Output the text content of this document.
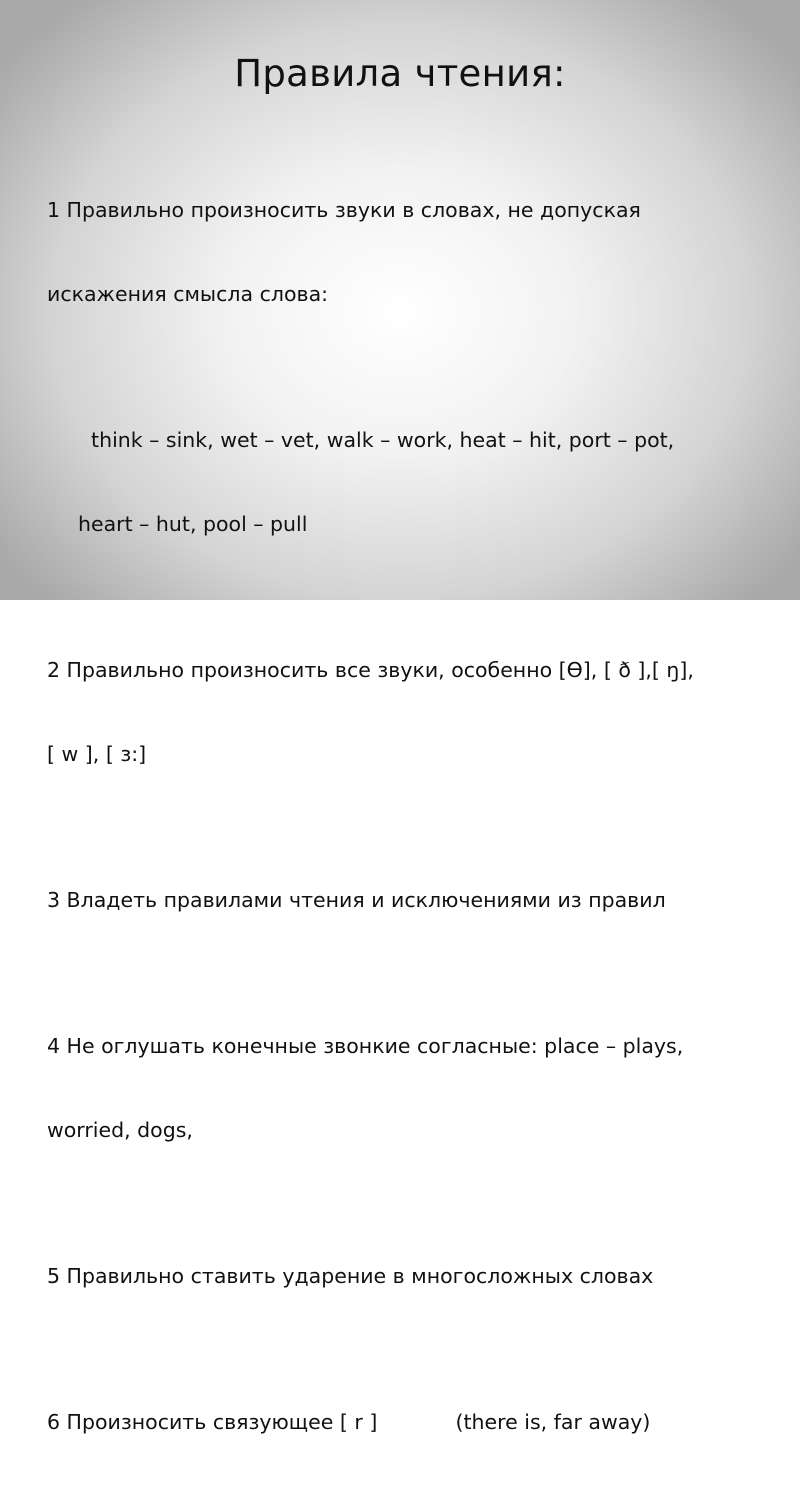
Правила чтения:

1 Правильно произносить звуки в словах, не допуская

искажения смысла слова:

think – sink, wet – vet, walk – work, heat – hit, port – pot,

heart – hut, pool – pull

2 Правильно произносить все звуки, особенно [Ө], [ ð ],[ ŋ],

[ w ], [ з:]

3 Владеть правилами чтения и исключениями из правил

4 Не оглушать конечные звонкие согласные: place – plays,

worried, dogs,

5 Правильно ставить ударение в многосложных словах

6 Произносить связующее [ r ]            (there is, far away)
